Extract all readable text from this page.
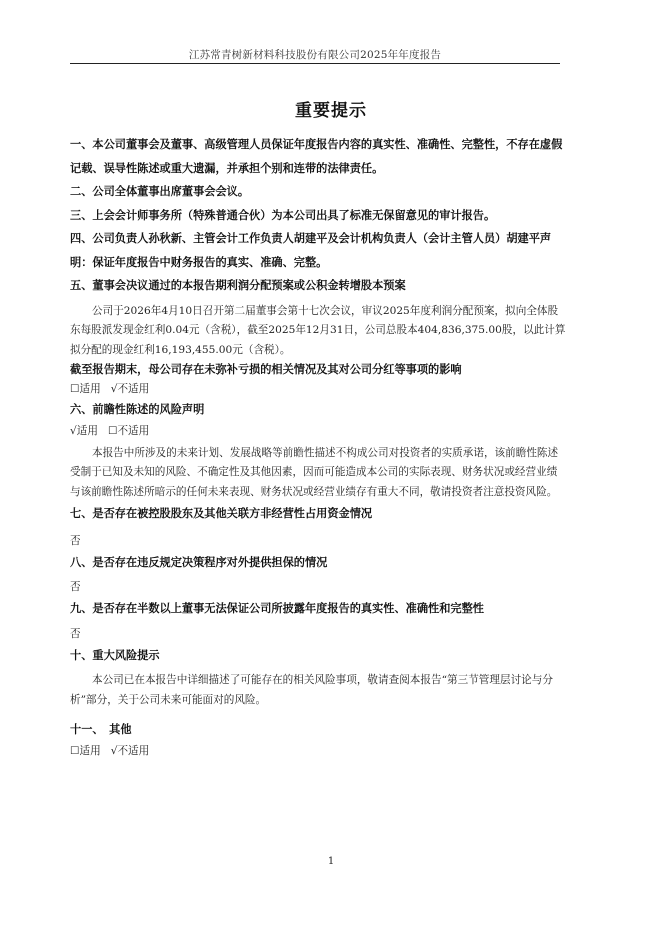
江苏常青树新材料科技股份有限公司2025年年度报告
重要提示

一、本公司董事会及董事、高级管理人员保证年度报告内容的真实性、准确性、完整性，不存在虚假记载、误导性陈述或重大遗漏，并承担个别和连带的法律责任。

二、公司全体董事出席董事会会议。

三、上会会计师事务所（特殊普通合伙）为本公司出具了标准无保留意见的审计报告。

四、公司负责人孙秋新、主管会计工作负责人胡建平及会计机构负责人（会计主管人员）胡建平声明：保证年度报告中财务报告的真实、准确、完整。

五、董事会决议通过的本报告期利润分配预案或公积金转增股本预案

公司于2026年4月10日召开第二届董事会第十七次会议，审议2025年度利润分配预案，拟向全体股东每股派发现金红利0.04元（含税），截至2025年12月31日，公司总股本404,836,375.00股，以此计算拟分配的现金红利16,193,455.00元（含税）。

截至报告期末，母公司存在未弥补亏损的相关情况及其对公司分红等事项的影响

☐适用 √不适用

六、前瞻性陈述的风险声明

√适用 ☐不适用

本报告中所涉及的未来计划、发展战略等前瞻性描述不构成公司对投资者的实质承诺，该前瞻性陈述受制于已知及未知的风险、不确定性及其他因素，因而可能造成本公司的实际表现、财务状况或经营业绩与该前瞻性陈述所暗示的任何未来表现、财务状况或经营业绩存有重大不同，敬请投资者注意投资风险。

七、是否存在被控股股东及其他关联方非经营性占用资金情况

否

八、是否存在违反规定决策程序对外提供担保的情况

否

九、是否存在半数以上董事无法保证公司所披露年度报告的真实性、准确性和完整性

否

十、重大风险提示

本公司已在本报告中详细描述了可能存在的相关风险事项，敬请查阅本报告“第三节管理层讨论与分析”部分，关于公司未来可能面对的风险。

十一、　其他

☐适用 √不适用

1
